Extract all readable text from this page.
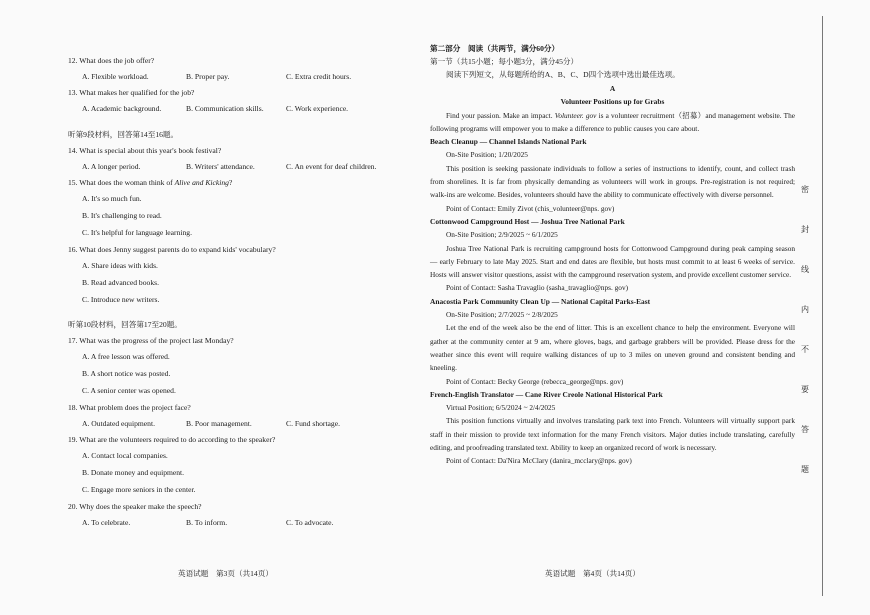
12. What does the job offer?

A. Flexible workload.	B. Proper pay.	C. Extra credit hours.

13. What makes her qualified for the job?

A. Academic background.	B. Communication skills.	C. Work experience.

听第9段材料，回答第14至16题。

14. What is special about this year's book festival?

A. A longer period.	B. Writers' attendance.	C. An event for deaf children.

15. What does the woman think of Alive and Kicking?

A. It's so much fun.
B. It's challenging to read.
C. It's helpful for language learning.

16. What does Jenny suggest parents do to expand kids' vocabulary?

A. Share ideas with kids.
B. Read advanced books.
C. Introduce new writers.

听第10段材料，回答第17至20题。

17. What was the progress of the project last Monday?

A. A free lesson was offered.
B. A short notice was posted.
C. A senior center was opened.

18. What problem does the project face?

A. Outdated equipment.	B. Poor management.	C. Fund shortage.

19. What are the volunteers required to do according to the speaker?

A. Contact local companies.
B. Donate money and equipment.
C. Engage more seniors in the center.

20. Why does the speaker make the speech?

A. To celebrate.	B. To inform.	C. To advocate.
英语试题　第3页（共14页）

第二部分　阅读（共两节，满分60分）

第一节（共15小题；每小题3分，满分45分）

阅读下列短文，从每题所给的A、B、C、D四个选项中选出最佳选项。

A

Volunteer Positions up for Grabs

Find your passion. Make an impact. Volunteer. gov is a volunteer recruitment（招募）and management website. The following programs will empower you to make a difference to public causes you care about.

Beach Cleanup — Channel Islands National Park

On-Site Position; 1/20/2025

This position is seeking passionate individuals to follow a series of instructions to identify, count, and collect trash from shorelines. It is far from physically demanding as volunteers will work in groups. Pre-registration is not required; walk-ins are welcome. Besides, volunteers should have the ability to communicate effectively with diverse personnel.

Point of Contact: Emily Zivot (chis_volunteer@nps. gov)

Cottonwood Campground Host — Joshua Tree National Park

On-Site Position; 2/9/2025 ~ 6/1/2025

Joshua Tree National Park is recruiting campground hosts for Cottonwood Campground during peak camping season — early February to late May 2025. Start and end dates are flexible, but hosts must commit to at least 6 weeks of service. Hosts will answer visitor questions, assist with the campground reservation system, and provide excellent customer service.

Point of Contact: Sasha Travaglio (sasha_travaglio@nps. gov)

Anacostia Park Community Clean Up — National Capital Parks-East

On-Site Position; 2/7/2025 ~ 2/8/2025

Let the end of the week also be the end of litter. This is an excellent chance to help the environment. Everyone will gather at the community center at 9 am, where gloves, bags, and garbage grabbers will be provided. Please dress for the weather since this event will require walking distances of up to 3 miles on uneven ground and consistent bending and kneeling.

Point of Contact: Becky George (rebecca_george@nps. gov)

French-English Translator — Cane River Creole National Historical Park

Virtual Position; 6/5/2024 ~ 2/4/2025

This position functions virtually and involves translating park text into French. Volunteers will virtually support park staff in their mission to provide text information for the many French visitors. Major duties include translating, carefully editing, and proofreading translated text. Ability to keep an organized record of work is necessary.

Point of Contact: Da'Nira McClary (danira_mcclary@nps. gov)

英语试题　第4页（共14页）
密
封
线
内
不
要
答
题
